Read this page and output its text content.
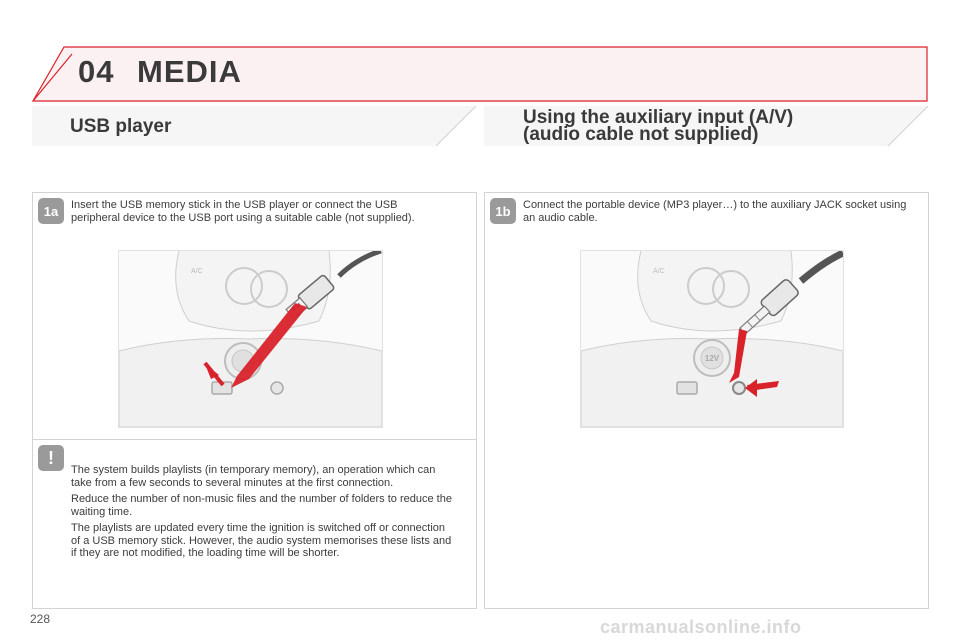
04 MEDIA
USB player	Using the auxiliary input (A/V)
(audio cable not supplied)
1a	Insert the USB memory stick in the USB player or connect the USB peripheral device to the USB port using a suitable cable (not supplied).
A/C
!

The system builds playlists (in temporary memory), an operation which can take from a few seconds to several minutes at the first connection.

Reduce the number of non-music files and the number of folders to reduce the waiting time.

The playlists are updated every time the ignition is switched off or connection of a USB memory stick. However, the audio system memorises these lists and if they are not modified, the loading time will be shorter.

1b	Connect the portable device (MP3 player…) to the auxiliary JACK socket using an audio cable.
A/C
12V
228	carmanualsonline.info
